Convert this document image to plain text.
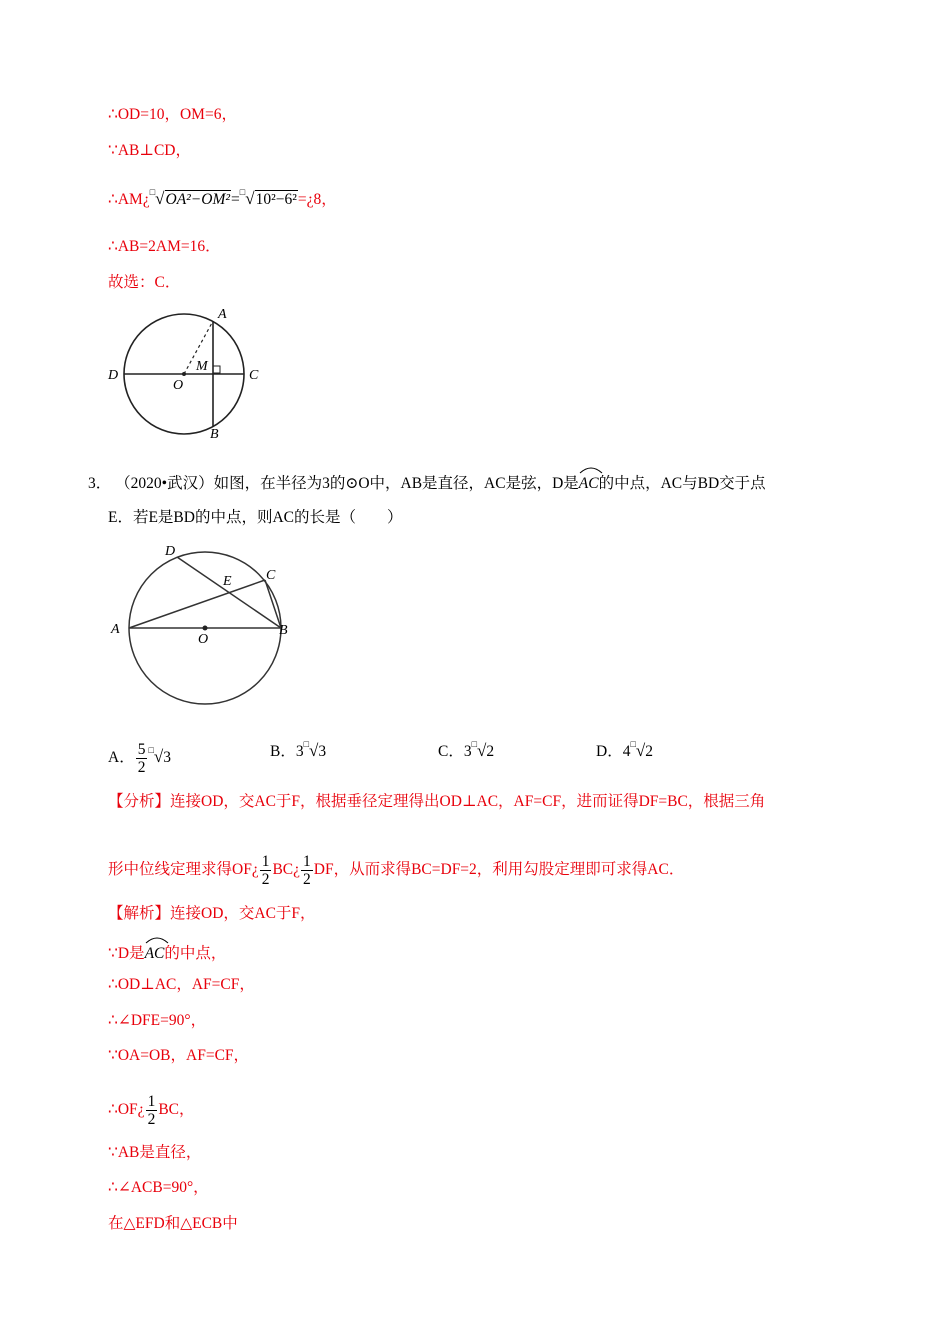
∴OD=10，OM=6，
∵AB⊥CD，
∴AM¿□√OA²−OM²=□√10²−6²=¿8，
∴AB=2AM=16．
故选：C．
A
M
D
O
C
B
3． （2020•武汉）如图，在半径为3的⊙O中，AB是直径，AC是弦，D是
AC的中点，AC与BD交于点
E．若E是BD的中点，则AC的长是（　　）
D
C
E
A
O
B
A． $\frac{5}{2} ^□√3$	B．3□√3	C．3□√2	D．4□√2
【分析】连接OD，交AC于F，根据垂径定理得出OD⊥AC，AF=CF，进而证得DF=BC，根据三角
形中位线定理求得OF¿ $\frac{1}{2}$ BC¿ $\frac{1}{2}$ DF，从而求得BC=DF=2，利用勾股定理即可求得AC．
【解析】连接OD，交AC于F，
∵D是
AC的中点，
∴OD⊥AC，AF=CF，
∴∠DFE=90°，
∵OA=OB，AF=CF，
∴OF¿ $\frac{1}{2}$ BC，
∵AB是直径，
∴∠ACB=90°，
在△EFD和△ECB中
